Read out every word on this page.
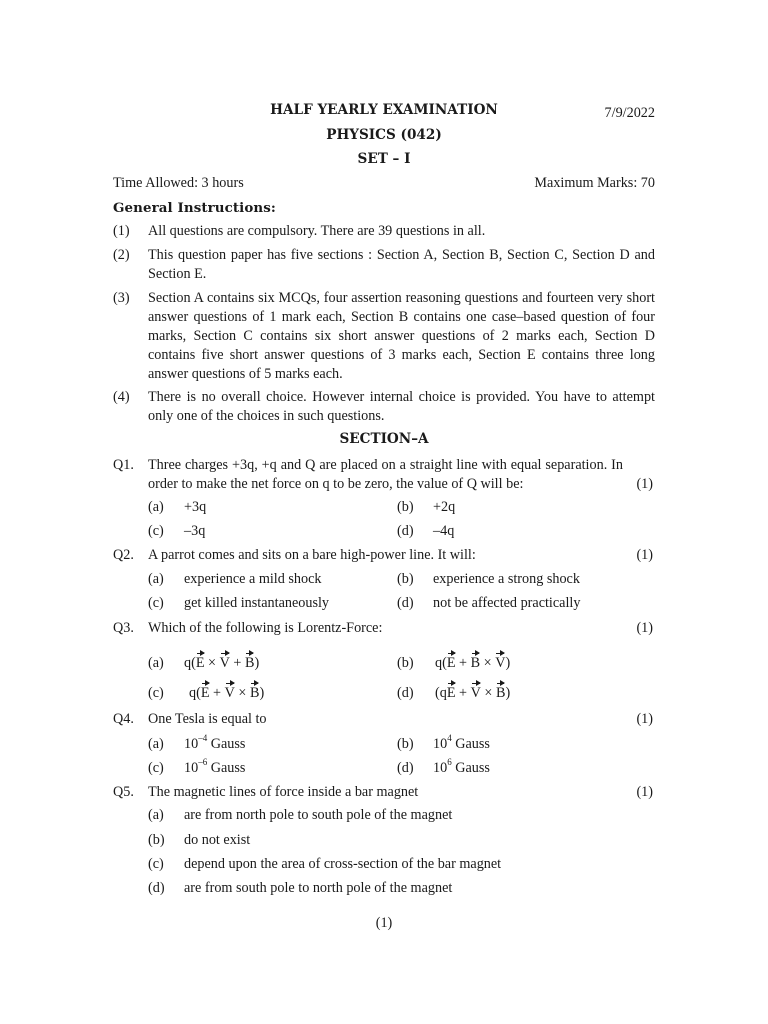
HALF YEARLY EXAMINATION	7/9/2022
PHYSICS (042)
SET – I
Time Allowed: 3 hours	Maximum Marks: 70
General Instructions:
(1) All questions are compulsory. There are 39 questions in all.
(2) This question paper has five sections : Section A, Section B, Section C, Section D and Section E.
(3) Section A contains six MCQs, four assertion reasoning questions and fourteen very short answer questions of 1 mark each, Section B contains one case–based question of four marks, Section C contains six short answer questions of 2 marks each, Section D contains five short answer questions of 3 marks each, Section E contains three long answer questions of 5 marks each.
(4) There is no overall choice. However internal choice is provided. You have to attempt only one of the choices in such questions.
SECTION–A
Q1. Three charges +3q, +q and Q are placed on a straight line with equal separation. In order to make the net force on q to be zero, the value of Q will be:	(1)
(a) +3q	(b) +2q
(c) –3q	(d) –4q
Q2. A parrot comes and sits on a bare high-power line. It will:	(1)
(a) experience a mild shock	(b) experience a strong shock
(c) get killed instantaneously	(d) not be affected practically
Q3. Which of the following is Lorentz-Force:	(1)
(a) q(E × V + B)	(b) q(E + B × V)
(c) q(E + V × B)	(d) (qE + V × B)
Q4. One Tesla is equal to	(1)
(a) $10^{-4}$ Gauss	(b) $10^4$ Gauss
(c) $10^{-6}$ Gauss	(d) $10^6$ Gauss
Q5. The magnetic lines of force inside a bar magnet	(1)
(a) are from north pole to south pole of the magnet
(b) do not exist
(c) depend upon the area of cross-section of the bar magnet
(d) are from south pole to north pole of the magnet
(1)
